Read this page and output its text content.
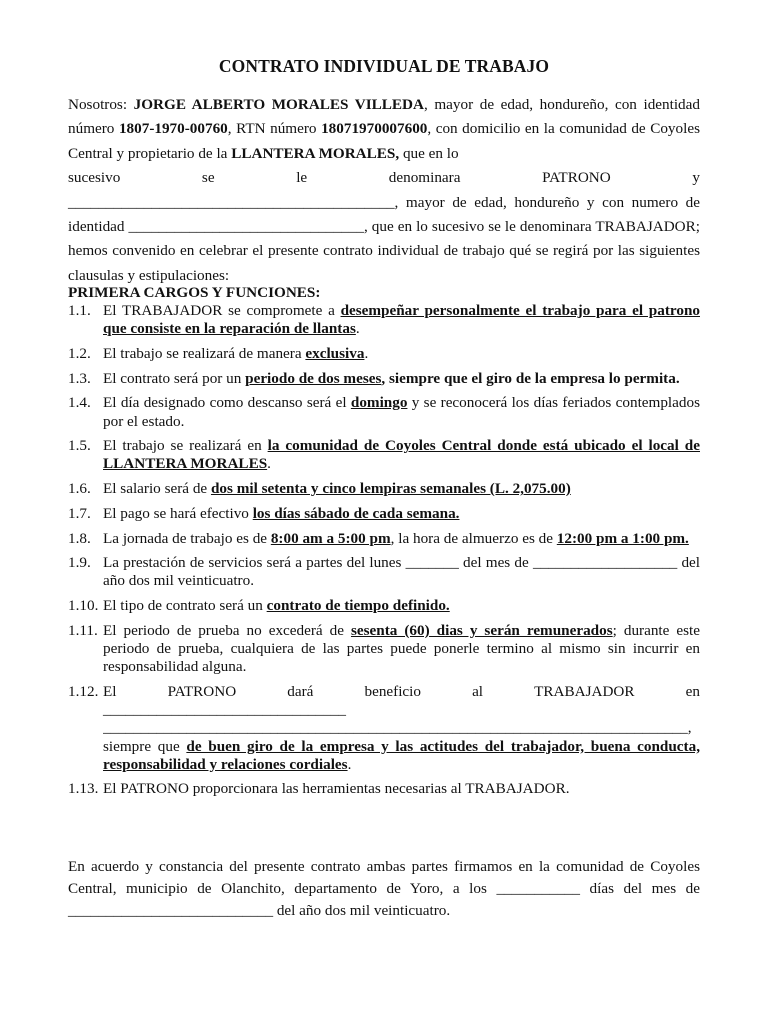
CONTRATO INDIVIDUAL DE TRABAJO

Nosotros: JORGE ALBERTO MORALES VILLEDA, mayor de edad, hondureño, con identidad número 1807-1970-00760, RTN número 18071970007600, con domicilio en la comunidad de Coyoles Central y propietario de la LLANTERA MORALES, que en lo

sucesivo	se	le	denominara	PATRONO	y

___________________________________________, mayor de edad, hondureño y con numero de identidad _______________________________, que en lo sucesivo se le denominara TRABAJADOR; hemos convenido en celebrar el presente contrato individual de trabajo qué se regirá por las siguientes clausulas y estipulaciones:

PRIMERA CARGOS Y FUNCIONES:
1.1. El TRABAJADOR se compromete a desempeñar personalmente el trabajo para el patrono que consiste en la reparación de llantas.
1.2. El trabajo se realizará de manera exclusiva.
1.3. El contrato será por un periodo de dos meses, siempre que el giro de la empresa lo permita.
1.4. El día designado como descanso será el domingo y se reconocerá los días feriados contemplados por el estado.
1.5. El trabajo se realizará en la comunidad de Coyoles Central donde está ubicado el local de LLANTERA MORALES.
1.6. El salario será de dos mil setenta y cinco lempiras semanales (L. 2,075.00)
1.7. El pago se hará efectivo los días sábado de cada semana.
1.8. La jornada de trabajo es de 8:00 am a 5:00 pm, la hora de almuerzo es de 12:00 pm a 1:00 pm.
1.9. La prestación de servicios será a partes del lunes _______ del mes de ___________________ del año dos mil veinticuatro.
1.10. El tipo de contrato será un contrato de tiempo definido.
1.11. El periodo de prueba no excederá de sesenta (60) dias y serán remunerados; durante este periodo de prueba, cualquiera de las partes puede ponerle termino al mismo sin incurrir en responsabilidad alguna.
1.12. El	PATRONO	dará	beneficio	al	TRABAJADOR	en
________________________________
_____________________________________________________________________________,
siempre que de buen giro de la empresa y las actitudes del trabajador, buena conducta, responsabilidad y relaciones cordiales.
1.13. El PATRONO proporcionara las herramientas necesarias al TRABAJADOR.

En acuerdo y constancia del presente contrato ambas partes firmamos en la comunidad de Coyoles Central, municipio de Olanchito, departamento de Yoro, a los ___________ días del mes de ___________________________ del año dos mil veinticuatro.
